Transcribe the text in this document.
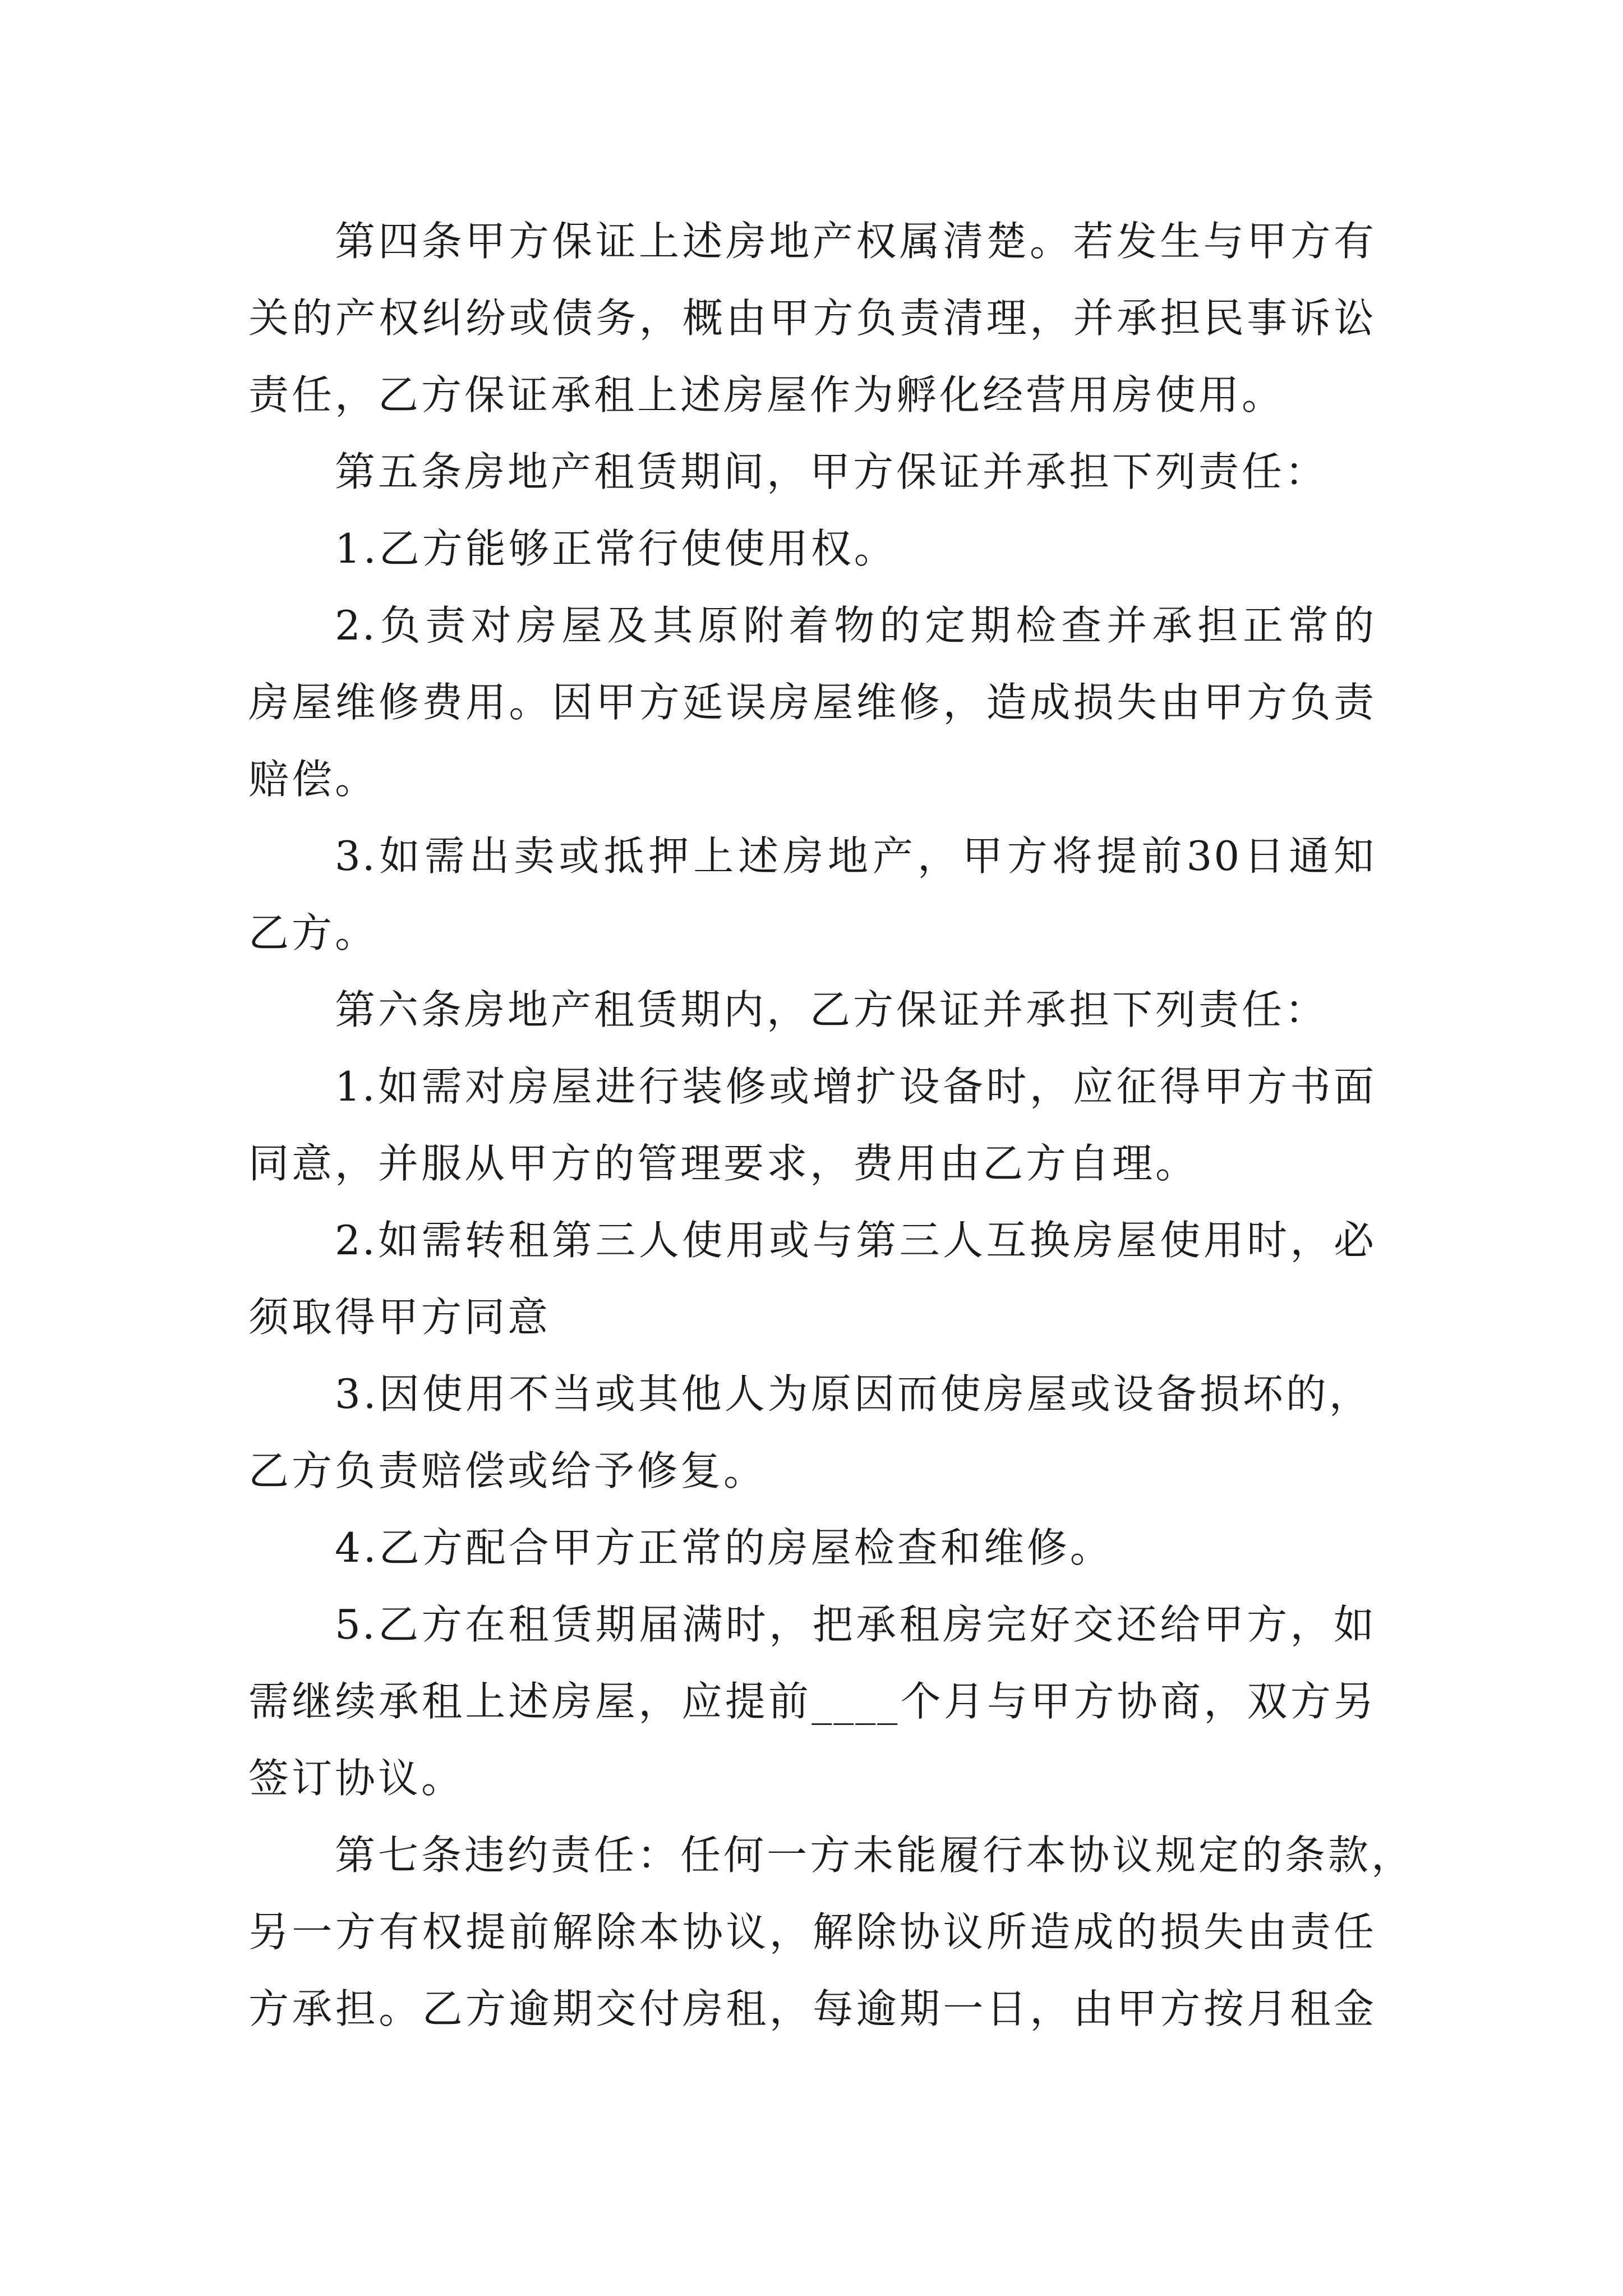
第四条甲方保证上述房地产权属清楚。若发生与甲方有
关的产权纠纷或债务，概由甲方负责清理，并承担民事诉讼
责任，乙方保证承租上述房屋作为孵化经营用房使用。
第五条房地产租赁期间，甲方保证并承担下列责任：
1.乙方能够正常行使使用权。
2.负责对房屋及其原附着物的定期检查并承担正常的
房屋维修费用。因甲方延误房屋维修，造成损失由甲方负责
赔偿。
3.如需出卖或抵押上述房地产，甲方将提前30日通知
乙方。
第六条房地产租赁期内，乙方保证并承担下列责任：
1.如需对房屋进行装修或增扩设备时，应征得甲方书面
同意，并服从甲方的管理要求，费用由乙方自理。
2.如需转租第三人使用或与第三人互换房屋使用时，必
须取得甲方同意
3.因使用不当或其他人为原因而使房屋或设备损坏的，
乙方负责赔偿或给予修复。
4.乙方配合甲方正常的房屋检查和维修。
5.乙方在租赁期届满时，把承租房完好交还给甲方，如
需继续承租上述房屋，应提前____个月与甲方协商，双方另
签订协议。
第七条违约责任：任何一方未能履行本协议规定的条款，
另一方有权提前解除本协议，解除协议所造成的损失由责任
方承担。乙方逾期交付房租，每逾期一日，由甲方按月租金
